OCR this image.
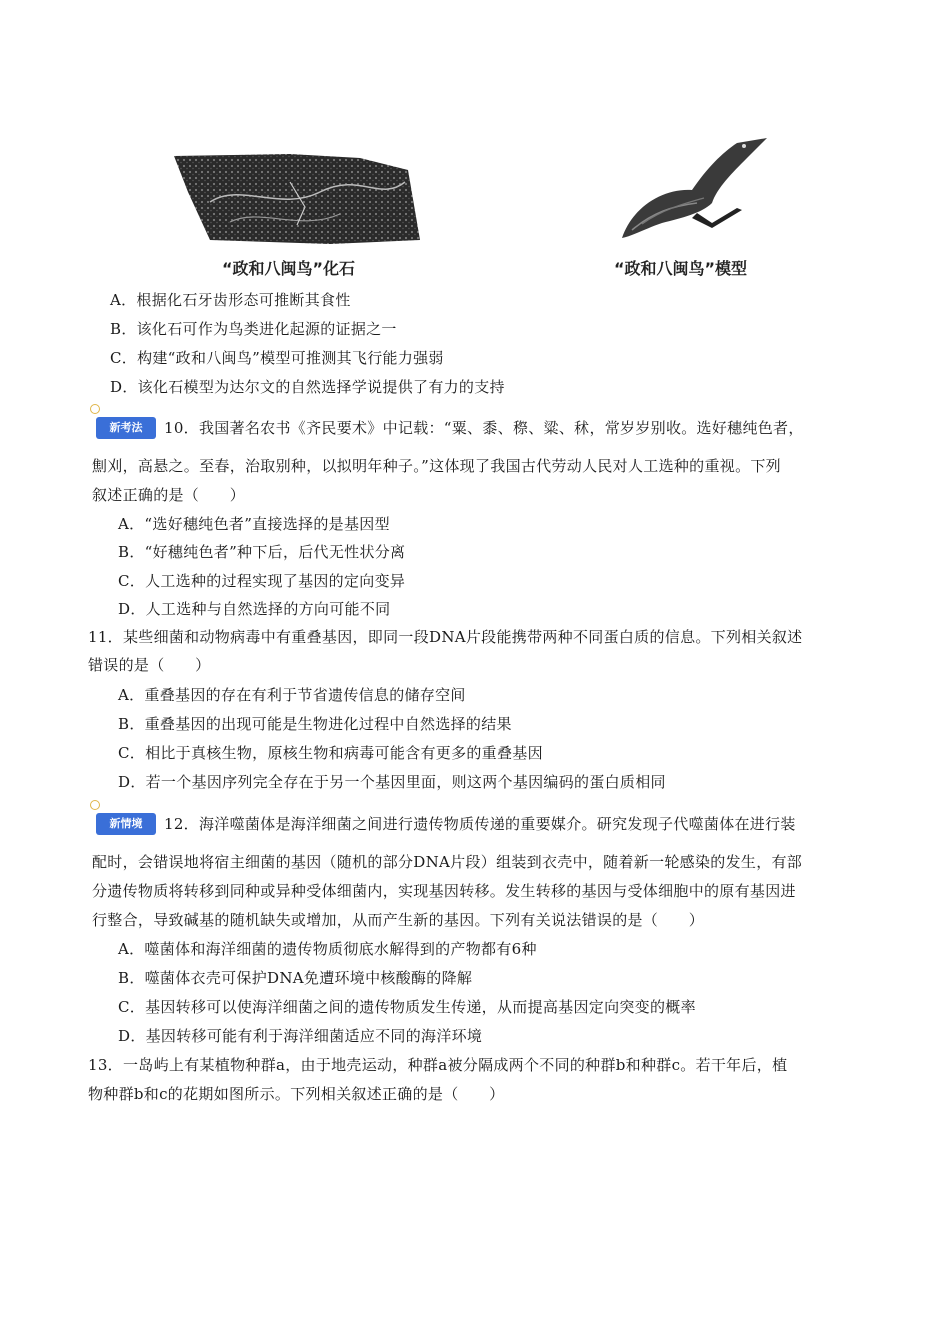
“政和八闽鸟”化石	“政和八闽鸟”模型
A．根据化石牙齿形态可推断其食性
B．该化石可作为鸟类进化起源的证据之一
C．构建“政和八闽鸟”模型可推测其飞行能力强弱
D．该化石模型为达尔文的自然选择学说提供了有力的支持
新考法	10．我国著名农书《齐民要术》中记载：“粟、黍、穄、粱、秫，常岁岁别收。选好穗纯色者，
劁刈，高悬之。至春，治取别种，以拟明年种子。”这体现了我国古代劳动人民对人工选种的重视。下列
叙述正确的是（　　）
A．“选好穗纯色者”直接选择的是基因型
B．“好穗纯色者”种下后，后代无性状分离
C．人工选种的过程实现了基因的定向变异
D．人工选种与自然选择的方向可能不同
11．某些细菌和动物病毒中有重叠基因，即同一段DNA片段能携带两种不同蛋白质的信息。下列相关叙述
错误的是（　　）
A．重叠基因的存在有利于节省遗传信息的储存空间
B．重叠基因的出现可能是生物进化过程中自然选择的结果
C．相比于真核生物，原核生物和病毒可能含有更多的重叠基因
D．若一个基因序列完全存在于另一个基因里面，则这两个基因编码的蛋白质相同
新情境	12．海洋噬菌体是海洋细菌之间进行遗传物质传递的重要媒介。研究发现子代噬菌体在进行装
配时，会错误地将宿主细菌的基因（随机的部分DNA片段）组装到衣壳中，随着新一轮感染的发生，有部
分遗传物质将转移到同种或异种受体细菌内，实现基因转移。发生转移的基因与受体细胞中的原有基因进
行整合，导致碱基的随机缺失或增加，从而产生新的基因。下列有关说法错误的是（　　）
A．噬菌体和海洋细菌的遗传物质彻底水解得到的产物都有6种
B．噬菌体衣壳可保护DNA免遭环境中核酸酶的降解
C．基因转移可以使海洋细菌之间的遗传物质发生传递，从而提高基因定向突变的概率
D．基因转移可能有利于海洋细菌适应不同的海洋环境
13．一岛屿上有某植物种群a，由于地壳运动，种群a被分隔成两个不同的种群b和种群c。若干年后，植
物种群b和c的花期如图所示。下列相关叙述正确的是（　　）
